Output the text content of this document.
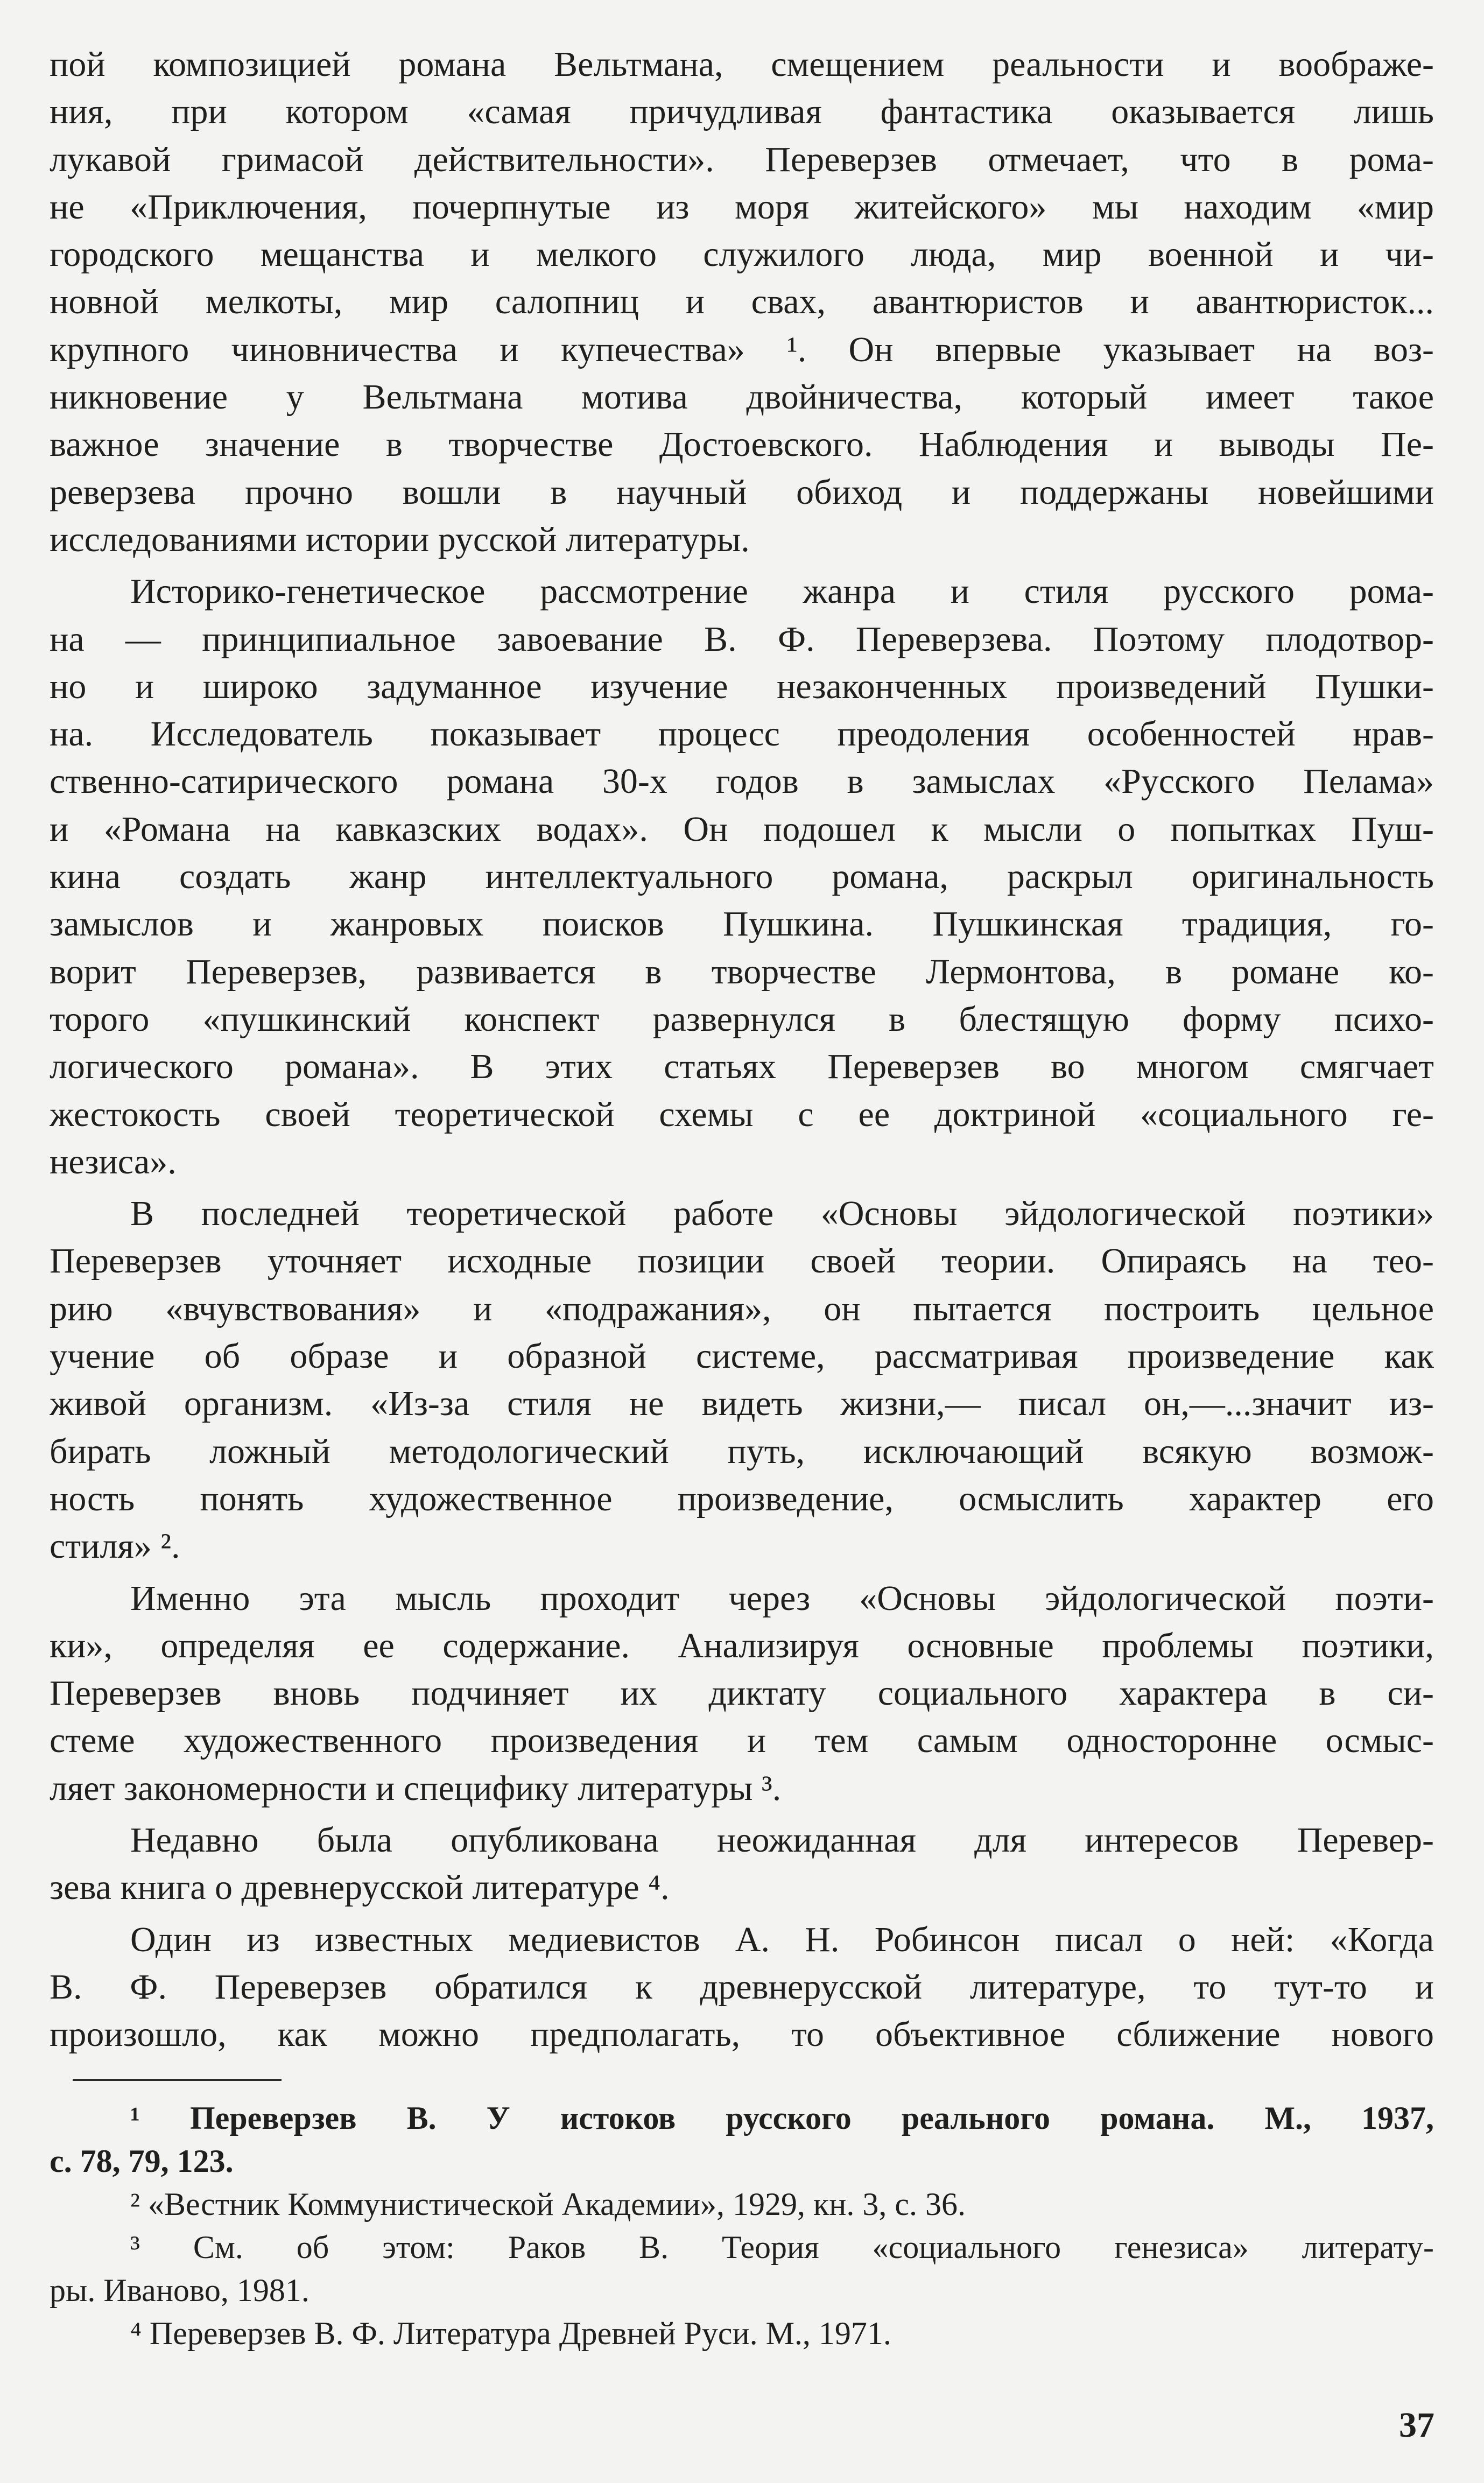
пой композицией романа Вельтмана, смещением реальности и воображе-
ния, при котором «самая причудливая фантастика оказывается лишь
лукавой гримасой действительности». Переверзев отмечает, что в рома-
не «Приключения, почерпнутые из моря житейского» мы находим «мир
городского мещанства и мелкого служилого люда, мир военной и чи-
новной мелкоты, мир салопниц и свах, авантюристов и авантюристок...
крупного чиновничества и купечества» ¹. Он впервые указывает на воз-
никновение у Вельтмана мотива двойничества, который имеет такое
важное значение в творчестве Достоевского. Наблюдения и выводы Пе-
реверзева прочно вошли в научный обиход и поддержаны новейшими
исследованиями истории русской литературы.
Историко-генетическое рассмотрение жанра и стиля русского рома-
на — принципиальное завоевание В. Ф. Переверзева. Поэтому плодотвор-
но и широко задуманное изучение незаконченных произведений Пушки-
на. Исследователь показывает процесс преодоления особенностей нрав-
ственно-сатирического романа 30-х годов в замыслах «Русского Пелама»
и «Романа на кавказских водах». Он подошел к мысли о попытках Пуш-
кина создать жанр интеллектуального романа, раскрыл оригинальность
замыслов и жанровых поисков Пушкина. Пушкинская традиция, го-
ворит Переверзев, развивается в творчестве Лермонтова, в романе ко-
торого «пушкинский конспект развернулся в блестящую форму психо-
логического романа». В этих статьях Переверзев во многом смягчает
жестокость своей теоретической схемы с ее доктриной «социального ге-
незиса».
В последней теоретической работе «Основы эйдологической поэтики»
Переверзев уточняет исходные позиции своей теории. Опираясь на тео-
рию «вчувствования» и «подражания», он пытается построить цельное
учение об образе и образной системе, рассматривая произведение как
живой организм. «Из-за стиля не видеть жизни,— писал он,—...значит из-
бирать ложный методологический путь, исключающий всякую возмож-
ность понять художественное произведение, осмыслить характер его
стиля» ².
Именно эта мысль проходит через «Основы эйдологической поэти-
ки», определяя ее содержание. Анализируя основные проблемы поэтики,
Переверзев вновь подчиняет их диктату социального характера в си-
стеме художественного произведения и тем самым односторонне осмыс-
ляет закономерности и специфику литературы ³.
Недавно была опубликована неожиданная для интересов Перевер-
зева книга о древнерусской литературе ⁴.
Один из известных медиевистов А. Н. Робинсон писал о ней: «Когда
В. Ф. Переверзев обратился к древнерусской литературе, то тут-то и
произошло, как можно предполагать, то объективное сближение нового
¹ Переверзев В. У истоков русского реального романа. М., 1937,
с. 78, 79, 123.
² «Вестник Коммунистической Академии», 1929, кн. 3, с. 36.
³ См. об этом: Раков В. Теория «социального генезиса» литерату-
ры. Иваново, 1981.
⁴ Переверзев В. Ф. Литература Древней Руси. М., 1971.
37
